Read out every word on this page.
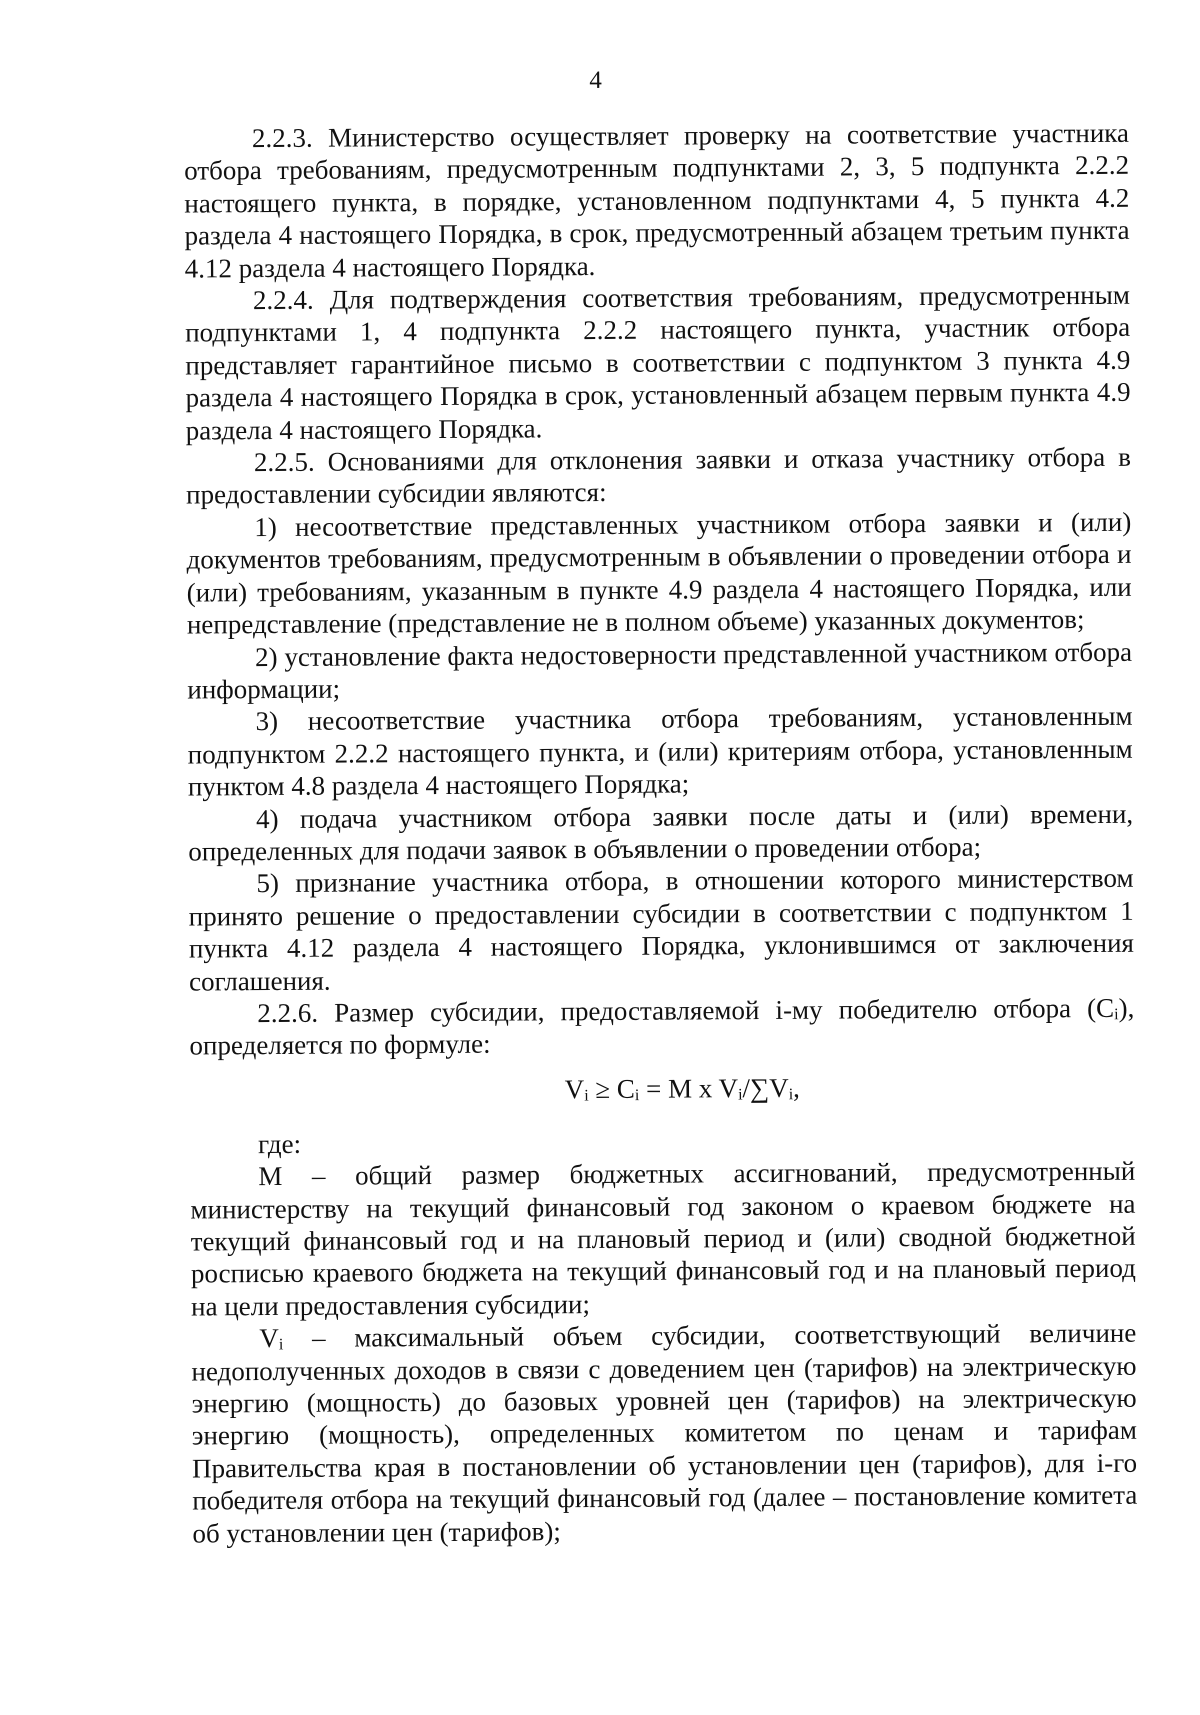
4

2.2.3. Министерство осуществляет проверку на соответствие участника отбора требованиям, предусмотренным подпунктами 2, 3, 5 подпункта 2.2.2 настоящего пункта, в порядке, установленном подпунктами 4, 5 пункта 4.2 раздела 4 настоящего Порядка, в срок, предусмотренный абзацем третьим пункта 4.12 раздела 4 настоящего Порядка.

2.2.4. Для подтверждения соответствия требованиям, предусмотренным подпунктами 1, 4 подпункта 2.2.2 настоящего пункта, участник отбора представляет гарантийное письмо в соответствии с подпунктом 3 пункта 4.9 раздела 4 настоящего Порядка в срок, установленный абзацем первым пункта 4.9 раздела 4 настоящего Порядка.

2.2.5. Основаниями для отклонения заявки и отказа участнику отбора в предоставлении субсидии являются:

1) несоответствие представленных участником отбора заявки и (или) документов требованиям, предусмотренным в объявлении о проведении отбора и (или) требованиям, указанным в пункте 4.9 раздела 4 настоящего Порядка, или непредставление (представление не в полном объеме) указанных документов;

2) установление факта недостоверности представленной участником отбора информации;

3) несоответствие участника отбора требованиям, установленным подпунктом 2.2.2 настоящего пункта, и (или) критериям отбора, установленным пунктом 4.8 раздела 4 настоящего Порядка;

4) подача участником отбора заявки после даты и (или) времени, определенных для подачи заявок в объявлении о проведении отбора;

5) признание участника отбора, в отношении которого министерством принято решение о предоставлении субсидии в соответствии с подпунктом 1 пункта 4.12 раздела 4 настоящего Порядка, уклонившимся от заключения соглашения.

2.2.6. Размер субсидии, предоставляемой i-му победителю отбора (Cᵢ), определяется по формуле:

Vᵢ ≥ Cᵢ = M x Vᵢ/∑Vᵢ,

где:

M – общий размер бюджетных ассигнований, предусмотренный министерству на текущий финансовый год законом о краевом бюджете на текущий финансовый год и на плановый период и (или) сводной бюджетной росписью краевого бюджета на текущий финансовый год и на плановый период на цели предоставления субсидии;

Vᵢ – максимальный объем субсидии, соответствующий величине недополученных доходов в связи с доведением цен (тарифов) на электрическую энергию (мощность) до базовых уровней цен (тарифов) на электрическую энергию (мощность), определенных комитетом по ценам и тарифам Правительства края в постановлении об установлении цен (тарифов), для i-го победителя отбора на текущий финансовый год (далее – постановление комитета об установлении цен (тарифов);
